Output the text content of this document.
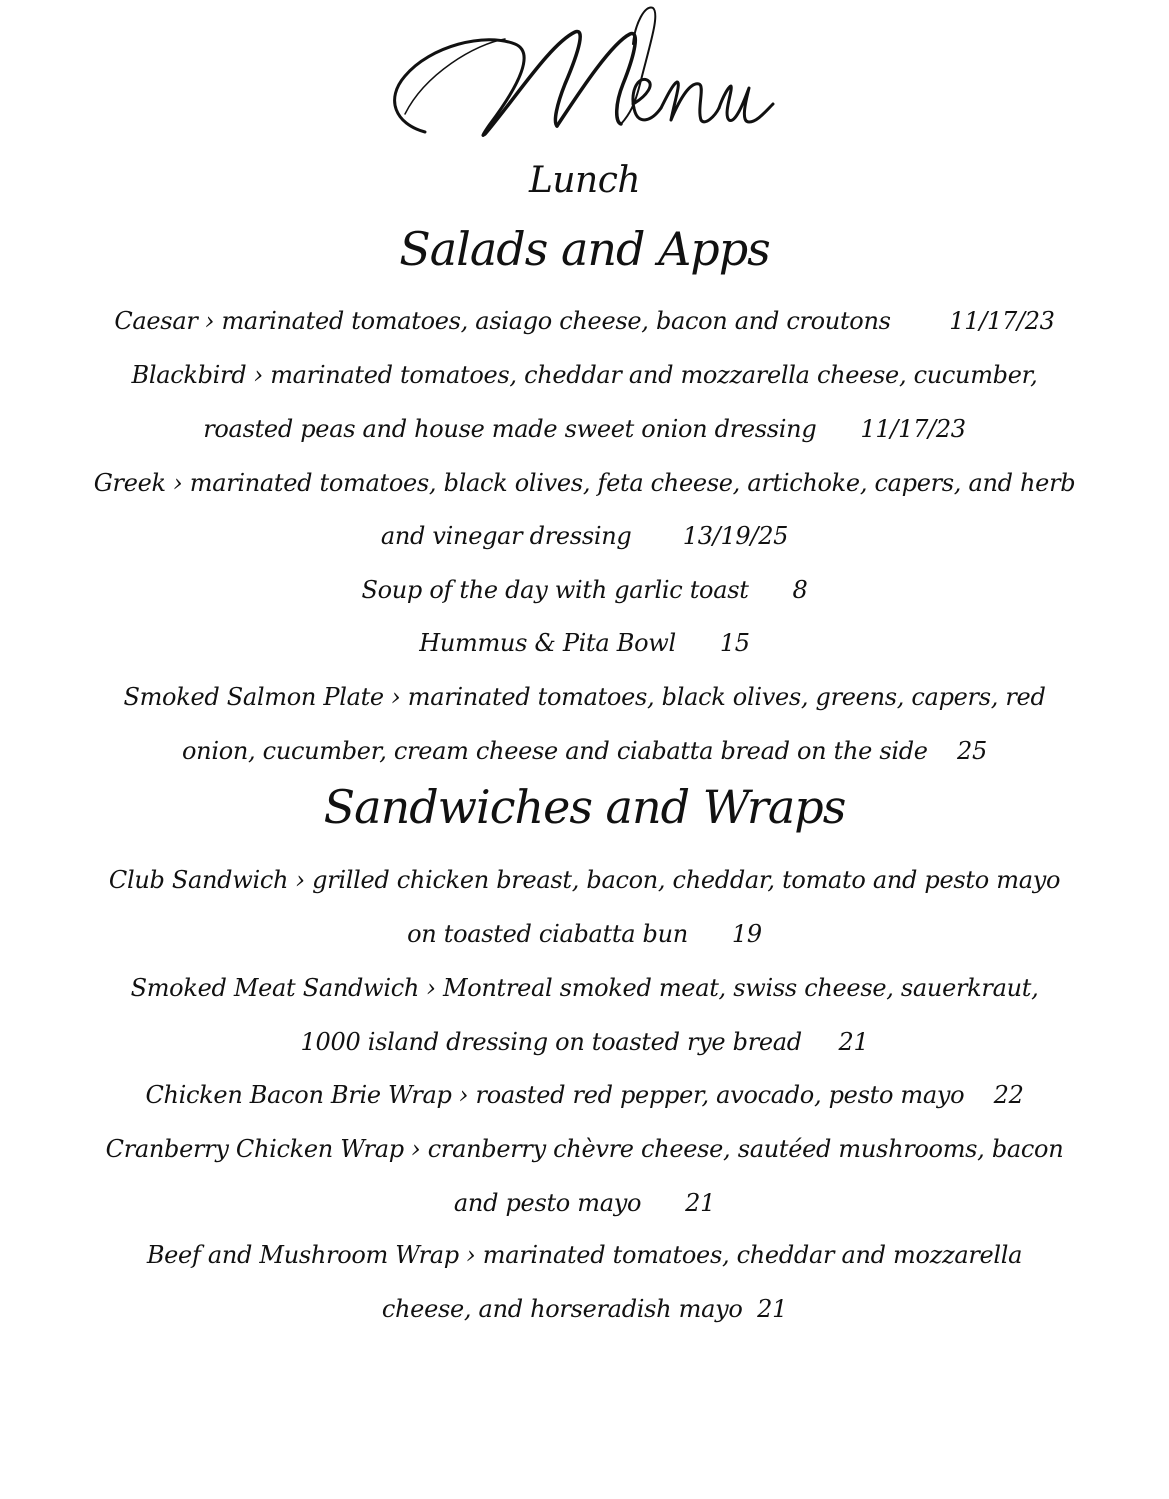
Lunch
Salads and Apps
Caesar › marinated tomatoes, asiago cheese, bacon and croutons        11/17/23
Blackbird › marinated tomatoes, cheddar and mozzarella cheese, cucumber,
roasted peas and house made sweet onion dressing      11/17/23
Greek › marinated tomatoes, black olives, feta cheese, artichoke, capers, and herb
and vinegar dressing       13/19/25
Soup of the day with garlic toast      8
Hummus & Pita Bowl      15
Smoked Salmon Plate › marinated tomatoes, black olives, greens, capers, red
onion, cucumber, cream cheese and ciabatta bread on the side    25
Sandwiches and Wraps
Club Sandwich › grilled chicken breast, bacon, cheddar, tomato and pesto mayo
on toasted ciabatta bun      19
Smoked Meat Sandwich › Montreal smoked meat, swiss cheese, sauerkraut,
1000 island dressing on toasted rye bread     21
Chicken Bacon Brie Wrap › roasted red pepper, avocado, pesto mayo    22
Cranberry Chicken Wrap › cranberry chèvre cheese, sautéed mushrooms, bacon
and pesto mayo      21
Beef and Mushroom Wrap › marinated tomatoes, cheddar and mozzarella
cheese, and horseradish mayo  21
